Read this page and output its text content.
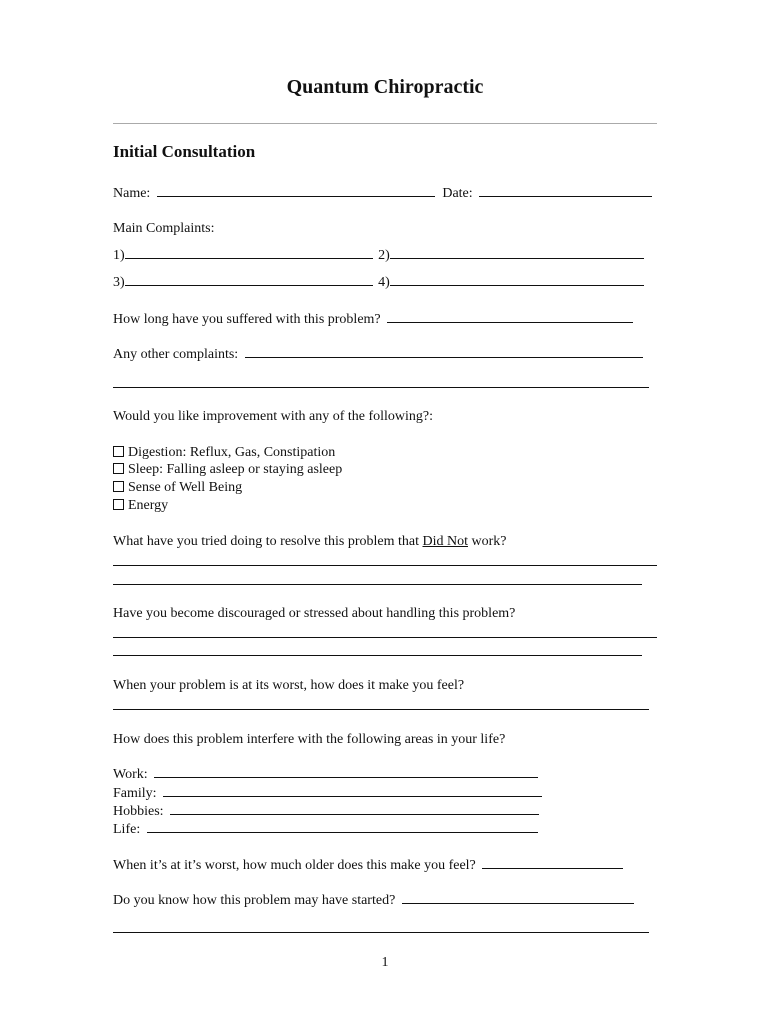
Quantum Chiropractic
Initial Consultation
Name:	Date:
Main Complaints:
1)	2)
3)	4)
How long have you suffered with this problem?
Any other complaints:
Would you like improvement with any of the following?:
Digestion: Reflux, Gas, Constipation
Sleep: Falling asleep or staying asleep
Sense of Well Being
Energy
What have you tried doing to resolve this problem that Did Not work?
Have you become discouraged or stressed about handling this problem?
When your problem is at its worst, how does it make you feel?
How does this problem interfere with the following areas in your life?
Work:
Family:
Hobbies:
Life:
When it’s at it’s worst, how much older does this make you feel?
Do you know how this problem may have started?
1
